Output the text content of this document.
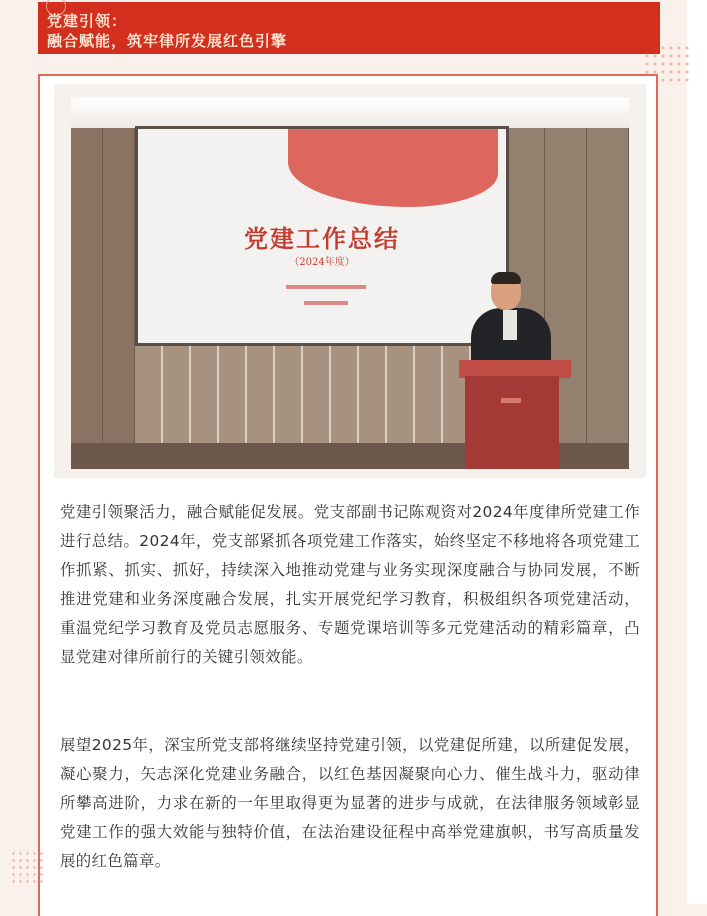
党建引领：
融合赋能，筑牢律所发展红色引擎
党建工作总结
（2024年度）

党建引领聚活力，融合赋能促发展。党支部副书记陈观资对2024年度律所党建工作进行总结。2024年，党支部紧抓各项党建工作落实，始终坚定不移地将各项党建工作抓紧、抓实、抓好，持续深入地推动党建与业务实现深度融合与协同发展，不断推进党建和业务深度融合发展，扎实开展党纪学习教育，积极组织各项党建活动，重温党纪学习教育及党员志愿服务、专题党课培训等多元党建活动的精彩篇章，凸显党建对律所前行的关键引领效能。

展望2025年，深宝所党支部将继续坚持党建引领，以党建促所建，以所建促发展，凝心聚力，矢志深化党建业务融合，以红色基因凝聚向心力、催生战斗力，驱动律所攀高进阶，力求在新的一年里取得更为显著的进步与成就，在法律服务领域彰显党建工作的强大效能与独特价值，在法治建设征程中高举党建旗帜，书写高质量发展的红色篇章。
